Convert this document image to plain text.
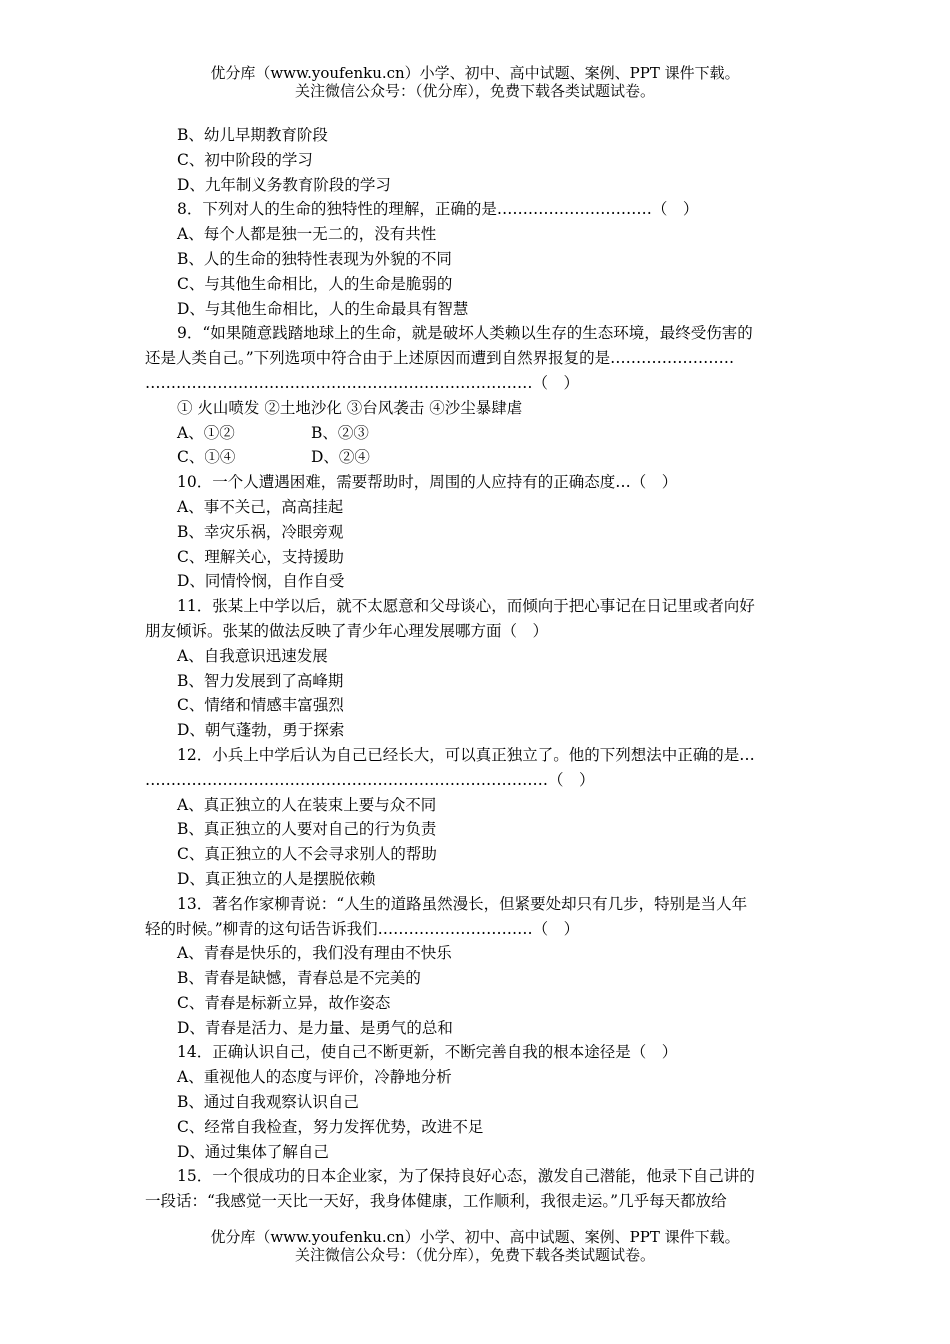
优分库（www.youfenku.cn）小学、初中、高中试题、案例、PPT 课件下载。
关注微信公众号：（优分库），免费下载各类试题试卷。
B、幼儿早期教育阶段
C、初中阶段的学习
D、九年制义务教育阶段的学习
8．下列对人的生命的独特性的理解，正确的是…………………………（　）
A、每个人都是独一无二的，没有共性
B、人的生命的独特性表现为外貌的不同
C、与其他生命相比，人的生命是脆弱的
D、与其他生命相比，人的生命最具有智慧
9．“如果随意践踏地球上的生命，就是破坏人类赖以生存的生态环境，最终受伤害的
还是人类自己。”下列选项中符合由于上述原因而遭到自然界报复的是……………………
…………………………………………………………………（　）
① 火山喷发 ②土地沙化 ③台风袭击 ④沙尘暴肆虐
A、①②	B、②③
C、①④	D、②④
10．一个人遭遇困难，需要帮助时，周围的人应持有的正确态度…（　）
A、事不关己，高高挂起
B、幸灾乐祸，冷眼旁观
C、理解关心，支持援助
D、同情怜悯，自作自受
11．张某上中学以后，就不太愿意和父母谈心，而倾向于把心事记在日记里或者向好
朋友倾诉。张某的做法反映了青少年心理发展哪方面（　）
A、自我意识迅速发展
B、智力发展到了高峰期
C、情绪和情感丰富强烈
D、朝气蓬勃，勇于探索
12．小兵上中学后认为自己已经长大，可以真正独立了。他的下列想法中正确的是…
……………………………………………………………………（　）
A、真正独立的人在装束上要与众不同
B、真正独立的人要对自己的行为负责
C、真正独立的人不会寻求别人的帮助
D、真正独立的人是摆脱依赖
13．著名作家柳青说：“人生的道路虽然漫长，但紧要处却只有几步，特别是当人年
轻的时候。”柳青的这句话告诉我们…………………………（　）
A、青春是快乐的，我们没有理由不快乐
B、青春是缺憾，青春总是不完美的
C、青春是标新立异，故作姿态
D、青春是活力、是力量、是勇气的总和
14．正确认识自己，使自己不断更新，不断完善自我的根本途径是（　）
A、重视他人的态度与评价，冷静地分析
B、通过自我观察认识自己
C、经常自我检查，努力发挥优势，改进不足
D、通过集体了解自己
15．一个很成功的日本企业家，为了保持良好心态，激发自己潜能，他录下自己讲的
一段话：“我感觉一天比一天好，我身体健康，工作顺利，我很走运。”几乎每天都放给
优分库（www.youfenku.cn）小学、初中、高中试题、案例、PPT 课件下载。
关注微信公众号：（优分库），免费下载各类试题试卷。
